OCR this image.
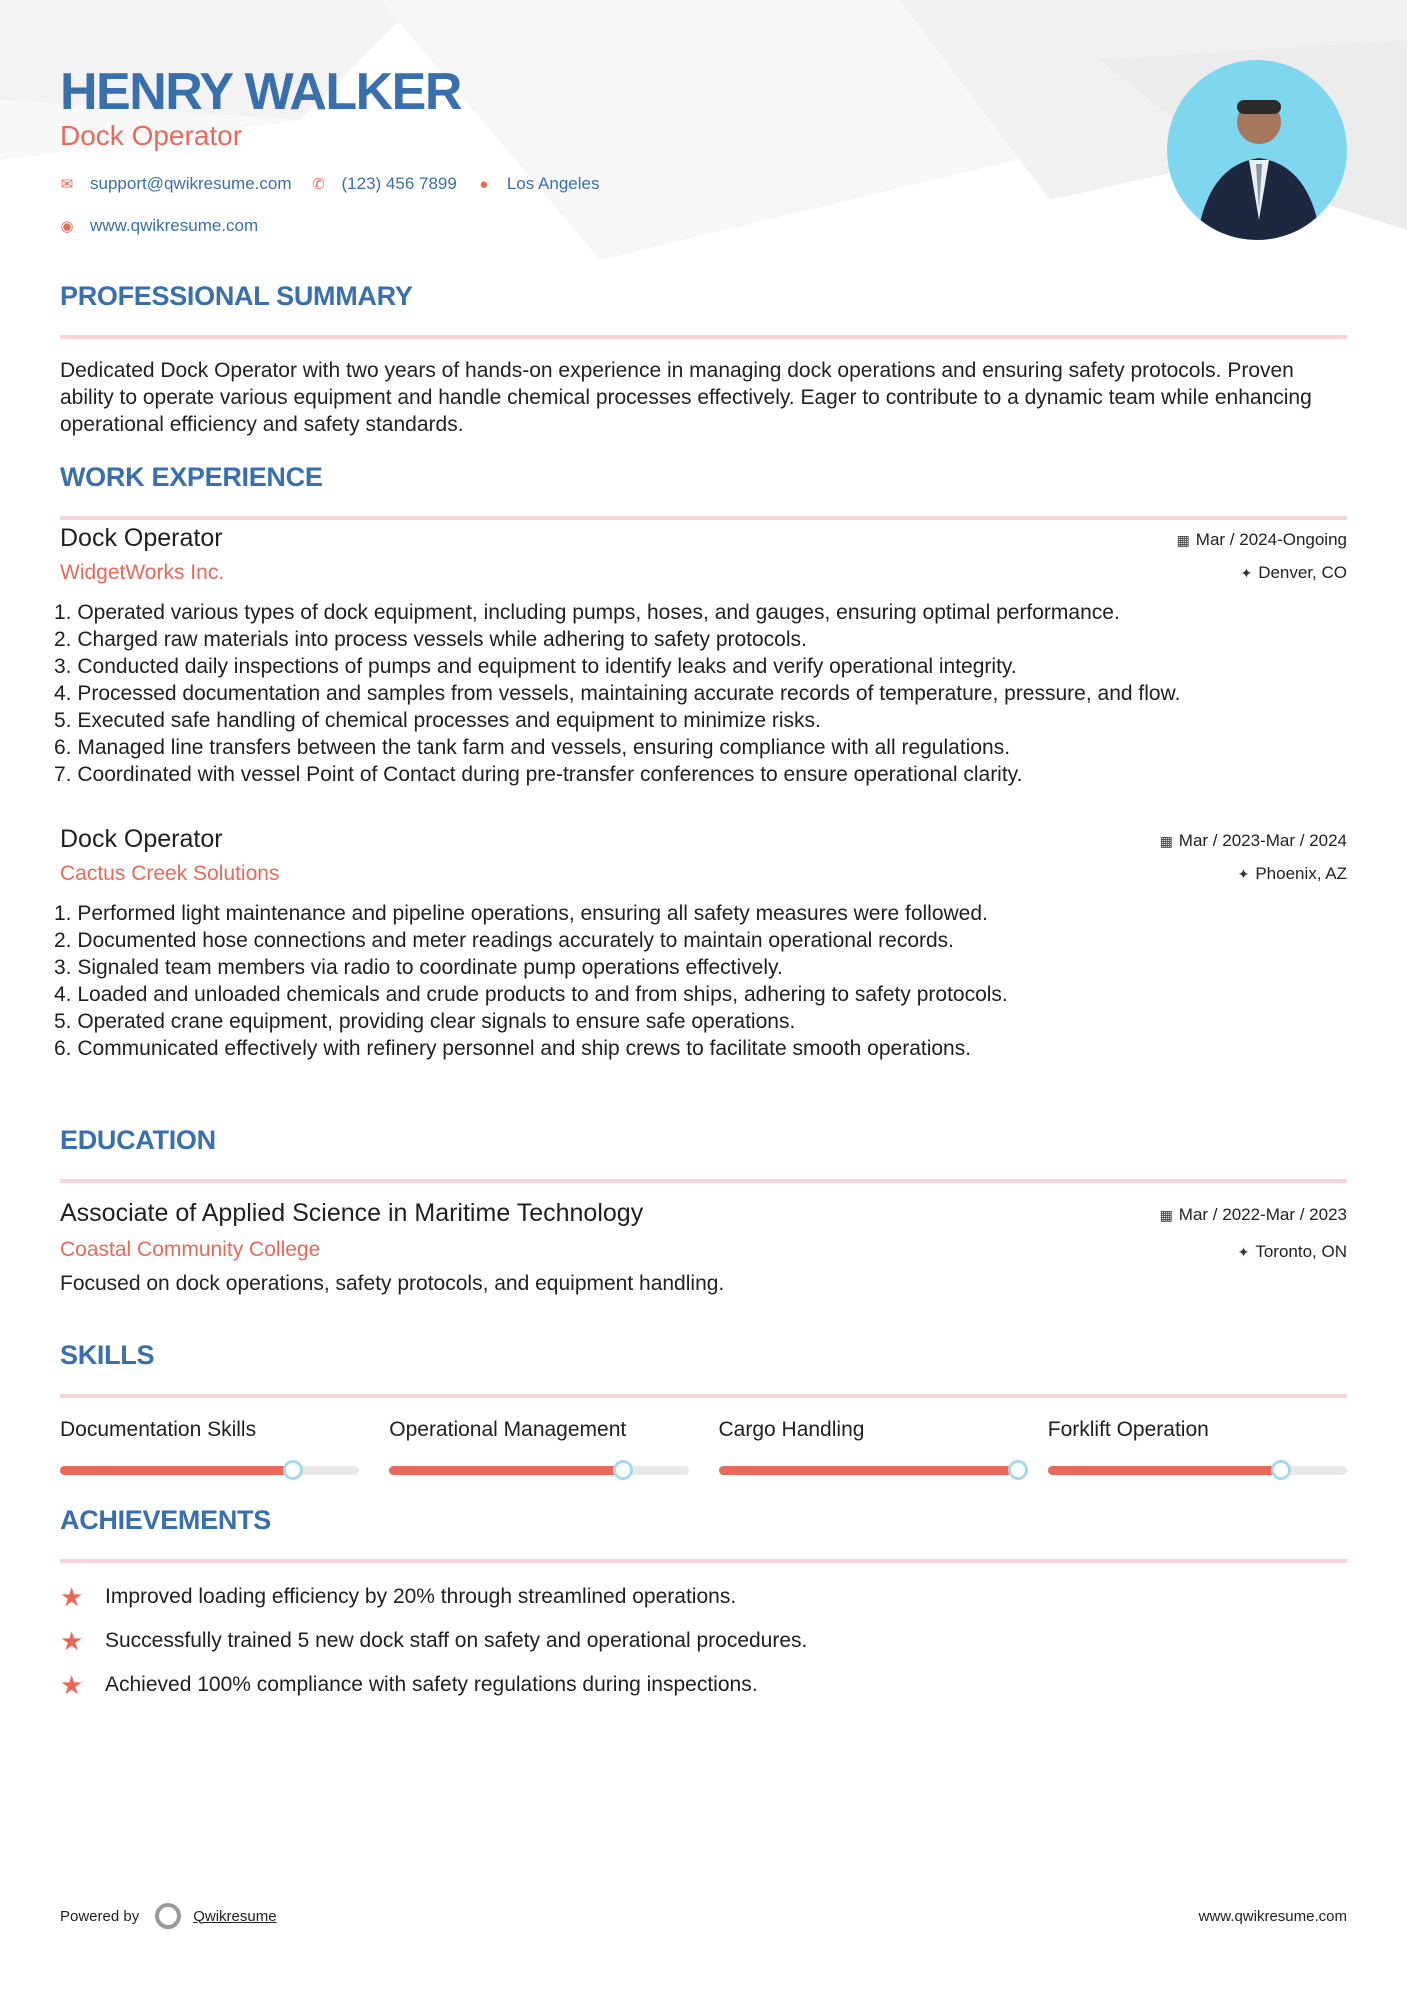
HENRY WALKER
Dock Operator
✉ support@qwikresume.com ✆ (123) 456 7899 ● Los Angeles
◉ www.qwikresume.com
PROFESSIONAL SUMMARY

Dedicated Dock Operator with two years of hands-on experience in managing dock operations and ensuring safety protocols. Proven ability to operate various equipment and handle chemical processes effectively. Eager to contribute to a dynamic team while enhancing operational efficiency and safety standards.

WORK EXPERIENCE
Dock Operator
WidgetWorks Inc.
▦ Mar / 2024-Ongoing
✦ Denver, CO
1. Operated various types of dock equipment, including pumps, hoses, and gauges, ensuring optimal performance.
2. Charged raw materials into process vessels while adhering to safety protocols.
3. Conducted daily inspections of pumps and equipment to identify leaks and verify operational integrity.
4. Processed documentation and samples from vessels, maintaining accurate records of temperature, pressure, and flow.
5. Executed safe handling of chemical processes and equipment to minimize risks.
6. Managed line transfers between the tank farm and vessels, ensuring compliance with all regulations.
7. Coordinated with vessel Point of Contact during pre-transfer conferences to ensure operational clarity.
Dock Operator
Cactus Creek Solutions
▦ Mar / 2023-Mar / 2024
✦ Phoenix, AZ
1. Performed light maintenance and pipeline operations, ensuring all safety measures were followed.
2. Documented hose connections and meter readings accurately to maintain operational records.
3. Signaled team members via radio to coordinate pump operations effectively.
4. Loaded and unloaded chemicals and crude products to and from ships, adhering to safety protocols.
5. Operated crane equipment, providing clear signals to ensure safe operations.
6. Communicated effectively with refinery personnel and ship crews to facilitate smooth operations.
EDUCATION
Associate of Applied Science in Maritime Technology
Coastal Community College
▦ Mar / 2022-Mar / 2023
✦ Toronto, ON

Focused on dock operations, safety protocols, and equipment handling.

SKILLS
Documentation Skills	Operational Management	Cargo Handling	Forklift Operation
ACHIEVEMENTS
★	Improved loading efficiency by 20% through streamlined operations.
★	Successfully trained 5 new dock staff on safety and operational procedures.
★	Achieved 100% compliance with safety regulations during inspections.
Powered by	Qwikresume	www.qwikresume.com
